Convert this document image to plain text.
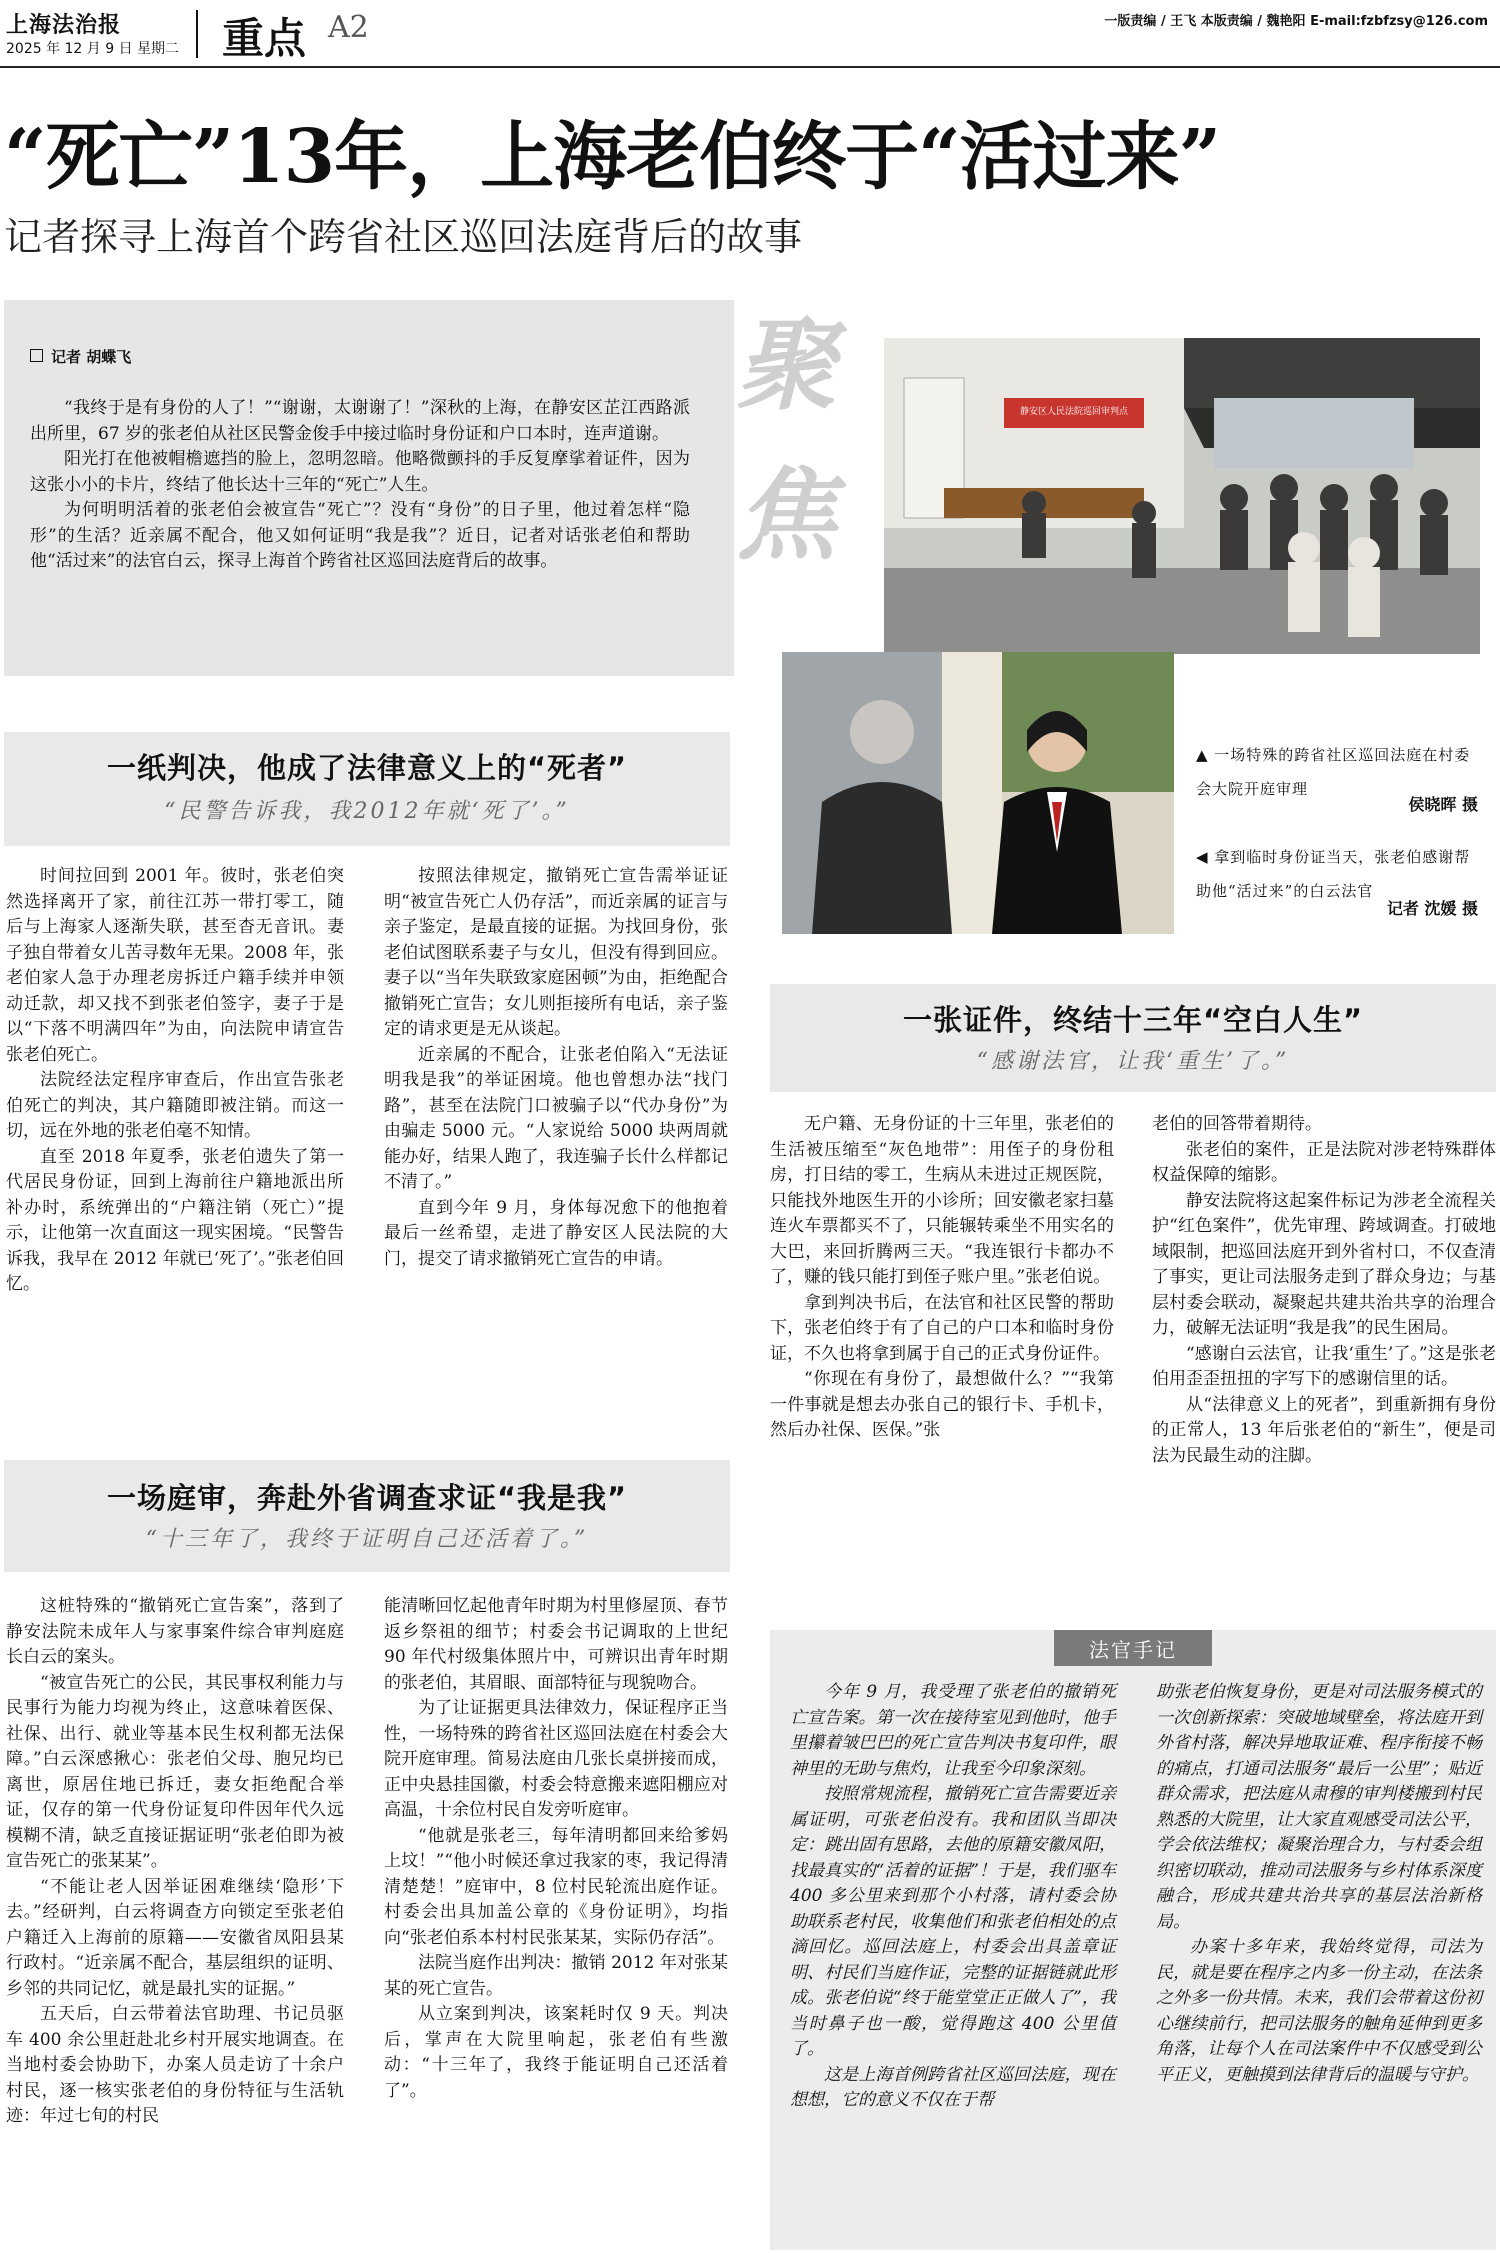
上海法治报
2025 年 12 月 9 日 星期二 重点 A2	一版责编 / 王飞 本版责编 / 魏艳阳 E-mail:fzbfzsy@126.com
“死亡”13年，上海老伯终于“活过来”
记者探寻上海首个跨省社区巡回法庭背后的故事
记者 胡蝶飞

“我终于是有身份的人了！”“谢谢，太谢谢了！”深秋的上海，在静安区芷江西路派出所里，67 岁的张老伯从社区民警金俊手中接过临时身份证和户口本时，连声道谢。

阳光打在他被帽檐遮挡的脸上，忽明忽暗。他略微颤抖的手反复摩挲着证件，因为这张小小的卡片，终结了他长达十三年的“死亡”人生。

为何明明活着的张老伯会被宣告“死亡”？没有“身份”的日子里，他过着怎样“隐形”的生活？近亲属不配合，他又如何证明“我是我”？近日，记者对话张老伯和帮助他“活过来”的法官白云，探寻上海首个跨省社区巡回法庭背后的故事。

聚焦
静安区人民法院巡回审判点
▲ 一场特殊的跨省社区巡回法庭在村委会大院开庭审理
侯晓晖 摄
◀ 拿到临时身份证当天，张老伯感谢帮助他“活过来”的白云法官
记者 沈媛 摄
一纸判决，他成了法律意义上的“死者”
“民警告诉我，我2012年就‘死了’。”

时间拉回到 2001 年。彼时，张老伯突然选择离开了家，前往江苏一带打零工，随后与上海家人逐渐失联，甚至杳无音讯。妻子独自带着女儿苦寻数年无果。2008 年，张老伯家人急于办理老房拆迁户籍手续并申领动迁款，却又找不到张老伯签字，妻子于是以“下落不明满四年”为由，向法院申请宣告张老伯死亡。

法院经法定程序审查后，作出宣告张老伯死亡的判决，其户籍随即被注销。而这一切，远在外地的张老伯毫不知情。

直至 2018 年夏季，张老伯遗失了第一代居民身份证，回到上海前往户籍地派出所补办时，系统弹出的“户籍注销（死亡）”提示，让他第一次直面这一现实困境。“民警告诉我，我早在 2012 年就已‘死了’。”张老伯回忆。

按照法律规定，撤销死亡宣告需举证证明“被宣告死亡人仍存活”，而近亲属的证言与亲子鉴定，是最直接的证据。为找回身份，张老伯试图联系妻子与女儿，但没有得到回应。妻子以“当年失联致家庭困顿”为由，拒绝配合撤销死亡宣告；女儿则拒接所有电话，亲子鉴定的请求更是无从谈起。

近亲属的不配合，让张老伯陷入“无法证明我是我”的举证困境。他也曾想办法“找门路”，甚至在法院门口被骗子以“代办身份”为由骗走 5000 元。“人家说给 5000 块两周就能办好，结果人跑了，我连骗子长什么样都记不清了。”

直到今年 9 月，身体每况愈下的他抱着最后一丝希望，走进了静安区人民法院的大门，提交了请求撤销死亡宣告的申请。

一场庭审，奔赴外省调查求证“我是我”
“十三年了，我终于证明自己还活着了。”

这桩特殊的“撤销死亡宣告案”，落到了静安法院未成年人与家事案件综合审判庭庭长白云的案头。

“被宣告死亡的公民，其民事权利能力与民事行为能力均视为终止，这意味着医保、社保、出行、就业等基本民生权利都无法保障。”白云深感揪心：张老伯父母、胞兄均已离世，原居住地已拆迁，妻女拒绝配合举证，仅存的第一代身份证复印件因年代久远模糊不清，缺乏直接证据证明“张老伯即为被宣告死亡的张某某”。

“不能让老人因举证困难继续‘隐形’下去。”经研判，白云将调查方向锁定至张老伯户籍迁入上海前的原籍——安徽省凤阳县某行政村。“近亲属不配合，基层组织的证明、乡邻的共同记忆，就是最扎实的证据。”

五天后，白云带着法官助理、书记员驱车 400 余公里赶赴北乡村开展实地调查。在当地村委会协助下，办案人员走访了十余户村民，逐一核实张老伯的身份特征与生活轨迹：年过七旬的村民

能清晰回忆起他青年时期为村里修屋顶、春节返乡祭祖的细节；村委会书记调取的上世纪 90 年代村级集体照片中，可辨识出青年时期的张老伯，其眉眼、面部特征与现貌吻合。

为了让证据更具法律效力，保证程序正当性，一场特殊的跨省社区巡回法庭在村委会大院开庭审理。简易法庭由几张长桌拼接而成，正中央悬挂国徽，村委会特意搬来遮阳棚应对高温，十余位村民自发旁听庭审。

“他就是张老三，每年清明都回来给爹妈上坟！”“他小时候还拿过我家的枣，我记得清清楚楚！”庭审中，8 位村民轮流出庭作证。村委会出具加盖公章的《身份证明》，均指向“张老伯系本村村民张某某，实际仍存活”。

法院当庭作出判决：撤销 2012 年对张某某的死亡宣告。

从立案到判决，该案耗时仅 9 天。判决后，掌声在大院里响起，张老伯有些激动：“十三年了，我终于能证明自己还活着了”。

一张证件，终结十三年“空白人生”
“感谢法官，让我‘重生’了。”

无户籍、无身份证的十三年里，张老伯的生活被压缩至“灰色地带”：用侄子的身份租房，打日结的零工，生病从未进过正规医院，只能找外地医生开的小诊所；回安徽老家扫墓连火车票都买不了，只能辗转乘坐不用实名的大巴，来回折腾两三天。“我连银行卡都办不了，赚的钱只能打到侄子账户里。”张老伯说。

拿到判决书后，在法官和社区民警的帮助下，张老伯终于有了自己的户口本和临时身份证，不久也将拿到属于自己的正式身份证件。

“你现在有身份了，最想做什么？”“我第一件事就是想去办张自己的银行卡、手机卡，然后办社保、医保。”张

老伯的回答带着期待。

张老伯的案件，正是法院对涉老特殊群体权益保障的缩影。

静安法院将这起案件标记为涉老全流程关护“红色案件”，优先审理、跨域调查。打破地域限制，把巡回法庭开到外省村口，不仅查清了事实，更让司法服务走到了群众身边；与基层村委会联动，凝聚起共建共治共享的治理合力，破解无法证明“我是我”的民生困局。

“感谢白云法官，让我‘重生’了。”这是张老伯用歪歪扭扭的字写下的感谢信里的话。

从“法律意义上的死者”，到重新拥有身份的正常人，13 年后张老伯的“新生”，便是司法为民最生动的注脚。

法官手记

今年 9 月，我受理了张老伯的撤销死亡宣告案。第一次在接待室见到他时，他手里攥着皱巴巴的死亡宣告判决书复印件，眼神里的无助与焦灼，让我至今印象深刻。

按照常规流程，撤销死亡宣告需要近亲属证明，可张老伯没有。我和团队当即决定：跳出固有思路，去他的原籍安徽凤阳，找最真实的“活着的证据”！于是，我们驱车 400 多公里来到那个小村落，请村委会协助联系老村民，收集他们和张老伯相处的点滴回忆。巡回法庭上，村委会出具盖章证明、村民们当庭作证，完整的证据链就此形成。张老伯说“终于能堂堂正正做人了”，我当时鼻子也一酸，觉得跑这 400 公里值了。

这是上海首例跨省社区巡回法庭，现在想想，它的意义不仅在于帮

助张老伯恢复身份，更是对司法服务模式的一次创新探索：突破地域壁垒，将法庭开到外省村落，解决异地取证难、程序衔接不畅的痛点，打通司法服务“最后一公里”；贴近群众需求，把法庭从肃穆的审判楼搬到村民熟悉的大院里，让大家直观感受司法公平，学会依法维权；凝聚治理合力，与村委会组织密切联动，推动司法服务与乡村体系深度融合，形成共建共治共享的基层法治新格局。

办案十多年来，我始终觉得，司法为民，就是要在程序之内多一份主动，在法条之外多一份共情。未来，我们会带着这份初心继续前行，把司法服务的触角延伸到更多角落，让每个人在司法案件中不仅感受到公平正义，更触摸到法律背后的温暖与守护。
